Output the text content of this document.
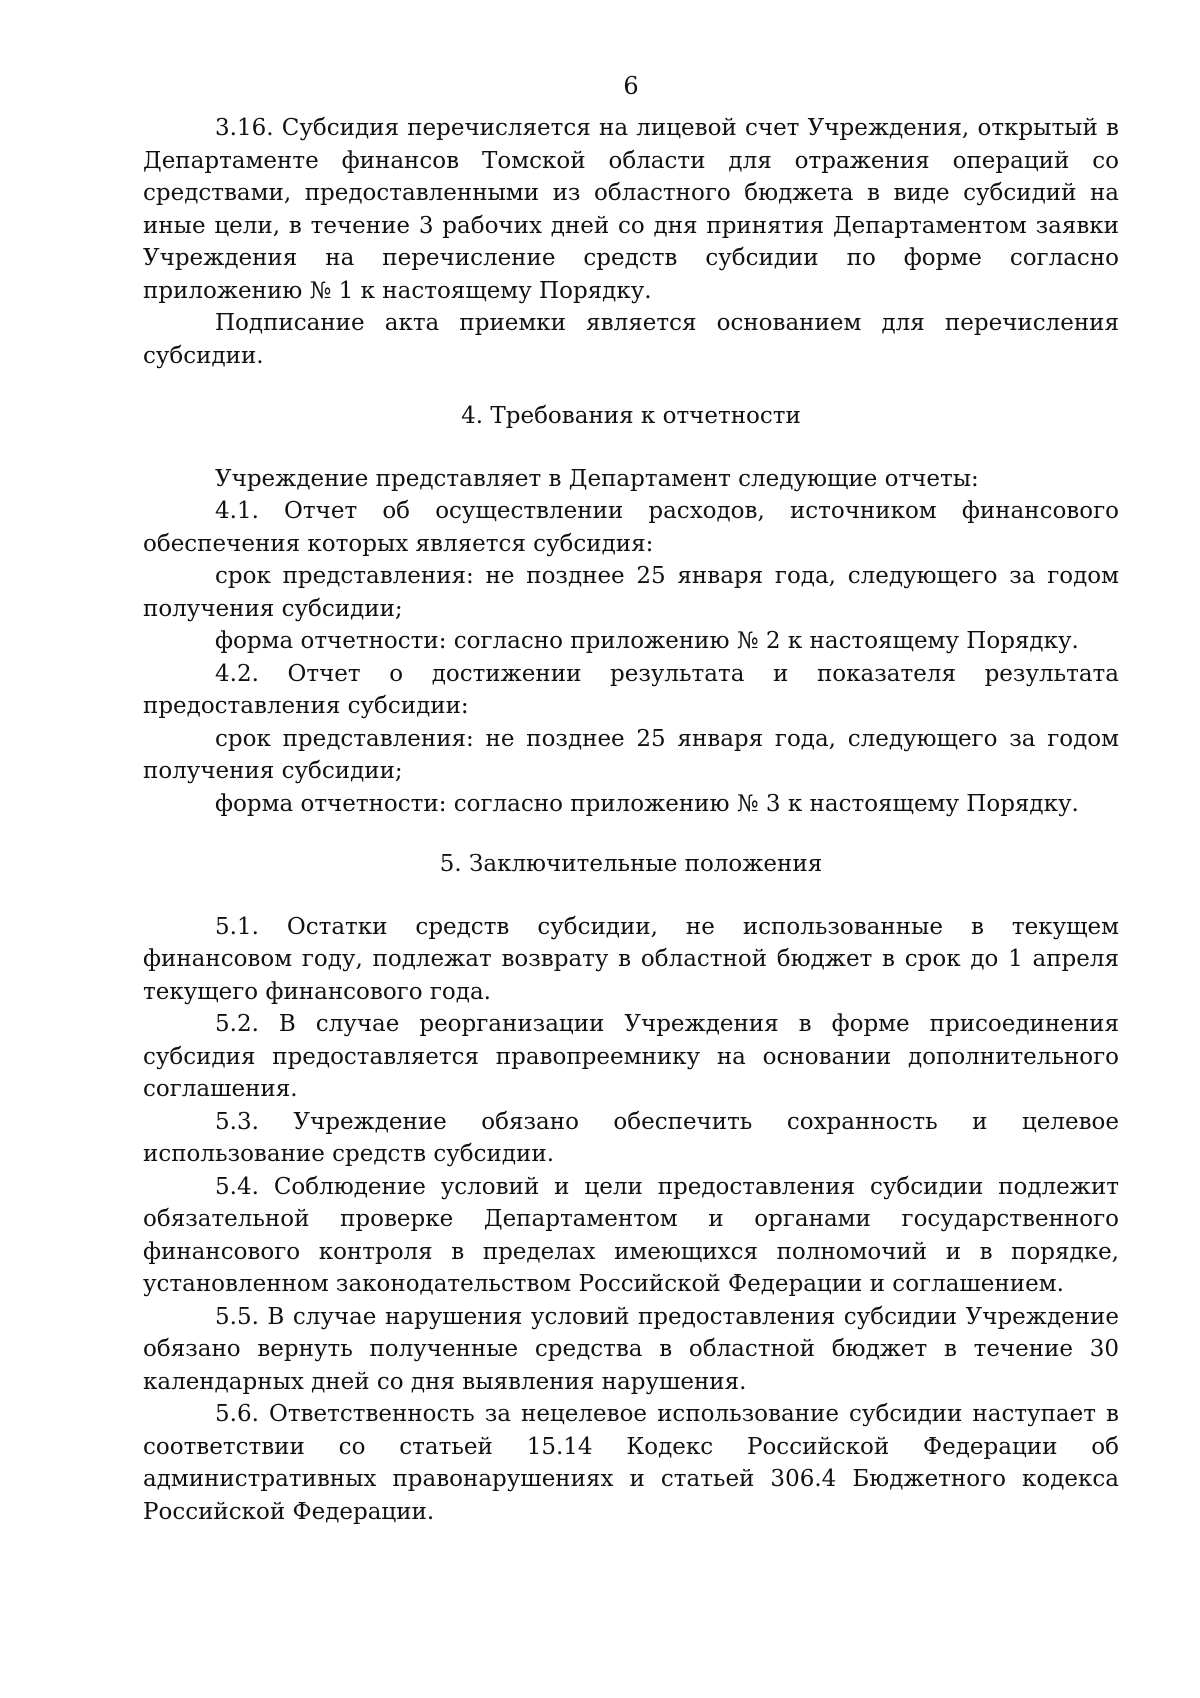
6

3.16. Субсидия перечисляется на лицевой счет Учреждения, открытый в Департаменте финансов Томской области для отражения операций со средствами, предоставленными из областного бюджета в виде субсидий на иные цели, в течение 3 рабочих дней со дня принятия Департаментом заявки Учреждения на перечисление средств субсидии по форме согласно приложению № 1 к настоящему Порядку.

Подписание акта приемки является основанием для перечисления субсидии.

4. Требования к отчетности

Учреждение представляет в Департамент следующие отчеты:

4.1. Отчет об осуществлении расходов, источником финансового обеспечения которых является субсидия:

срок представления: не позднее 25 января года, следующего за годом получения субсидии;

форма отчетности: согласно приложению № 2 к настоящему Порядку.

4.2. Отчет о достижении результата и показателя результата предоставления субсидии:

срок представления: не позднее 25 января года, следующего за годом получения субсидии;

форма отчетности: согласно приложению № 3 к настоящему Порядку.

5. Заключительные положения

5.1. Остатки средств субсидии, не использованные в текущем финансовом году, подлежат возврату в областной бюджет в срок до 1 апреля текущего финансового года.

5.2. В случае реорганизации Учреждения в форме присоединения субсидия предоставляется правопреемнику на основании дополнительного соглашения.

5.3. Учреждение обязано обеспечить сохранность и целевое использование средств субсидии.

5.4. Соблюдение условий и цели предоставления субсидии подлежит обязательной проверке Департаментом и органами государственного финансового контроля в пределах имеющихся полномочий и в порядке, установленном законодательством Российской Федерации и соглашением.

5.5. В случае нарушения условий предоставления субсидии Учреждение обязано вернуть полученные средства в областной бюджет в течение 30 календарных дней со дня выявления нарушения.

5.6. Ответственность за нецелевое использование субсидии наступает в соответствии со статьей 15.14 Кодекс Российской Федерации об административных правонарушениях и статьей 306.4 Бюджетного кодекса Российской Федерации.
